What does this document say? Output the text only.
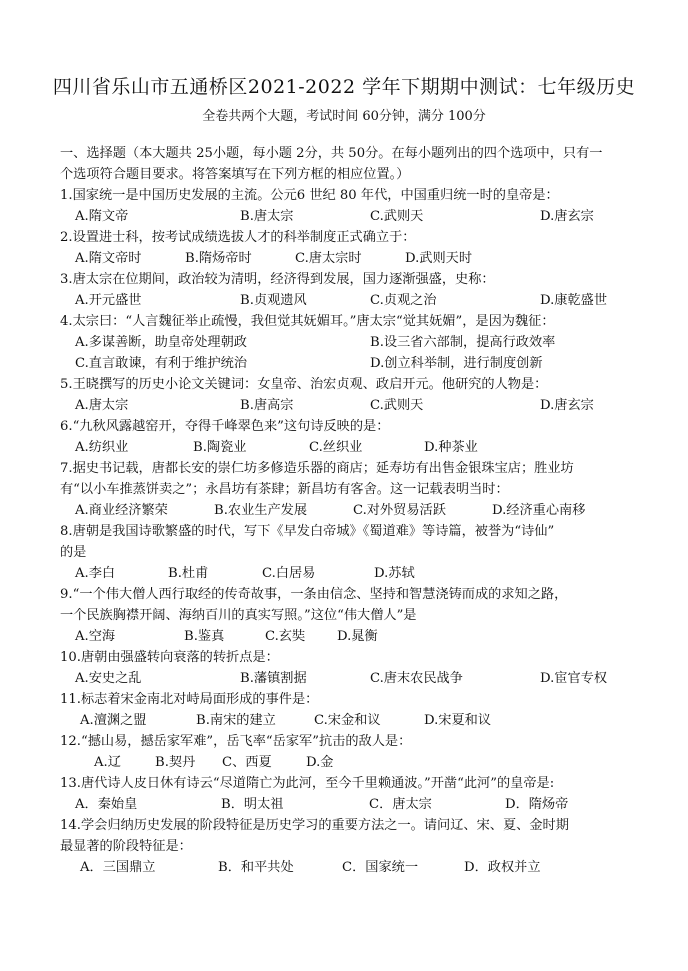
四川省乐山市五通桥区2021-2022 学年下期期中测试：七年级历史
全卷共两个大题，考试时间 60分钟，满分 100分
一、选择题（本大题共 25小题，每小题 2分，共 50分。在每小题列出的四个选项中，只有一
个选项符合题目要求。将答案填写在下列方框的相应位置。）
1.国家统一是中国历史发展的主流。公元6 世纪 80 年代，中国重归统一时的皇帝是：
A.隋文帝	B.唐太宗	C.武则天	D.唐玄宗
2.设置进士科，按考试成绩选拔人才的科举制度正式确立于：
A.隋文帝时	B.隋炀帝时	C.唐太宗时	D.武则天时
3.唐太宗在位期间，政治较为清明，经济得到发展，国力逐渐强盛，史称：
A.开元盛世	B.贞观遗风	C.贞观之治	D.康乾盛世
4.太宗曰：“人言魏征举止疏慢，我但觉其妩媚耳。”唐太宗“觉其妩媚”，是因为魏征：
A.多谋善断，助皇帝处理朝政	B.设三省六部制，提高行政效率
C.直言敢谏，有利于维护统治	D.创立科举制，进行制度创新
5.王晓撰写的历史小论文关键词：女皇帝、治宏贞观、政启开元。他研究的人物是：
A.唐太宗	B.唐高宗	C.武则天	D.唐玄宗
6.“九秋风露越窑开，夺得千峰翠色来”这句诗反映的是：
A.纺织业	B.陶瓷业	C.丝织业	D.种茶业
7.据史书记载，唐都长安的崇仁坊多修造乐器的商店；延寿坊有出售金银珠宝店；胜业坊
有“以小车推蒸饼卖之”；永昌坊有茶肆；新昌坊有客舍。这一记载表明当时：
A.商业经济繁荣	B.农业生产发展	C.对外贸易活跃	D.经济重心南移
8.唐朝是我国诗歌繁盛的时代，写下《早发白帝城》《蜀道难》等诗篇，被誉为“诗仙”
的是
A.李白	B.杜甫	C.白居易	D.苏轼
9.“一个伟大僧人西行取经的传奇故事，一条由信念、坚持和智慧浇铸而成的求知之路，
一个民族胸襟开阔、海纳百川的真实写照。”这位“伟大僧人”是
A.空海	B.鉴真	C.玄奘 D.晁衡
10.唐朝由强盛转向衰落的转折点是：
A.安史之乱	B.藩镇割据	C.唐末农民战争	D.宦官专权
11.标志着宋金南北对峙局面形成的事件是：
A.澶渊之盟	B.南宋的建立	C.宋金和议	D.宋夏和议
12.“撼山易，撼岳家军难”，岳飞率“岳家军”抗击的敌人是：
A.辽	B.契丹 C、西夏	D.金
13.唐代诗人皮日休有诗云“尽道隋亡为此河，至今千里赖通波。”开凿“此河”的皇帝是:
A．秦始皇	B．明太祖	C．唐太宗	D．隋炀帝
14.学会归纳历史发展的阶段特征是历史学习的重要方法之一。请问辽、宋、夏、金时期
最显著的阶段特征是：
A．三国鼎立	B．和平共处	C．国家统一	D．政权并立
